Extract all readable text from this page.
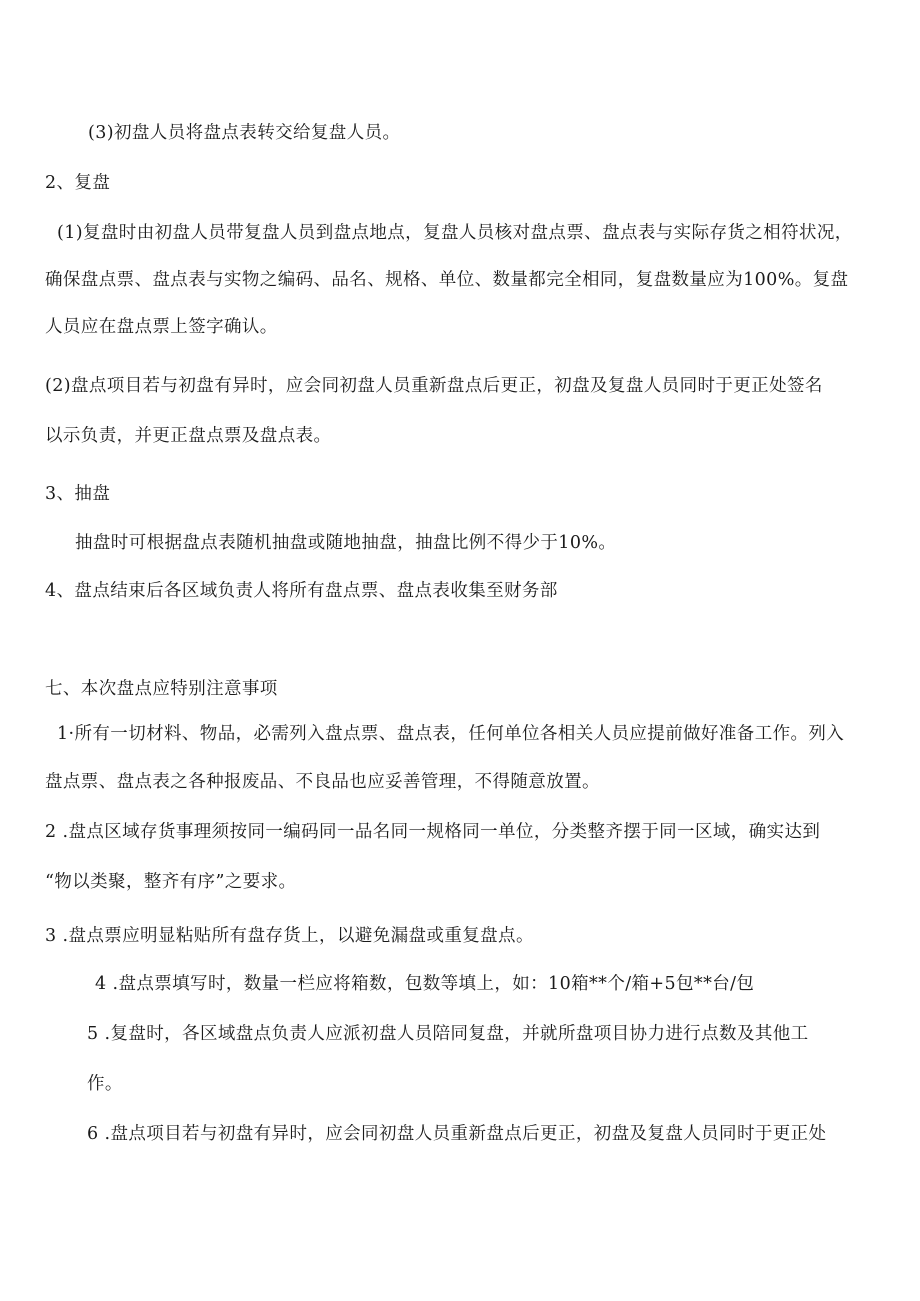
(3)初盘人员将盘点表转交给复盘人员。
2、复盘
(1)复盘时由初盘人员带复盘人员到盘点地点，复盘人员核对盘点票、盘点表与实际存货之相符状况，
确保盘点票、盘点表与实物之编码、品名、规格、单位、数量都完全相同，复盘数量应为100%。复盘
人员应在盘点票上签字确认。
(2)盘点项目若与初盘有异时，应会同初盘人员重新盘点后更正，初盘及复盘人员同时于更正处签名
以示负责，并更正盘点票及盘点表。
3、抽盘
抽盘时可根据盘点表随机抽盘或随地抽盘，抽盘比例不得少于10%。
4、盘点结束后各区域负责人将所有盘点票、盘点表收集至财务部
七、本次盘点应特别注意事项
1·所有一切材料、物品，必需列入盘点票、盘点表，任何单位各相关人员应提前做好准备工作。列入
盘点票、盘点表之各种报废品、不良品也应妥善管理，不得随意放置。
2 .盘点区域存货事理须按同一编码同一品名同一规格同一单位，分类整齐摆于同一区域，确实达到
“物以类聚，整齐有序”之要求。
3 .盘点票应明显粘贴所有盘存货上，以避免漏盘或重复盘点。
4 .盘点票填写时，数量一栏应将箱数，包数等填上，如：10箱**个/箱+5包**台/包
5 .复盘时，各区域盘点负责人应派初盘人员陪同复盘，并就所盘项目协力进行点数及其他工
作。
6 .盘点项目若与初盘有异时，应会同初盘人员重新盘点后更正，初盘及复盘人员同时于更正处
